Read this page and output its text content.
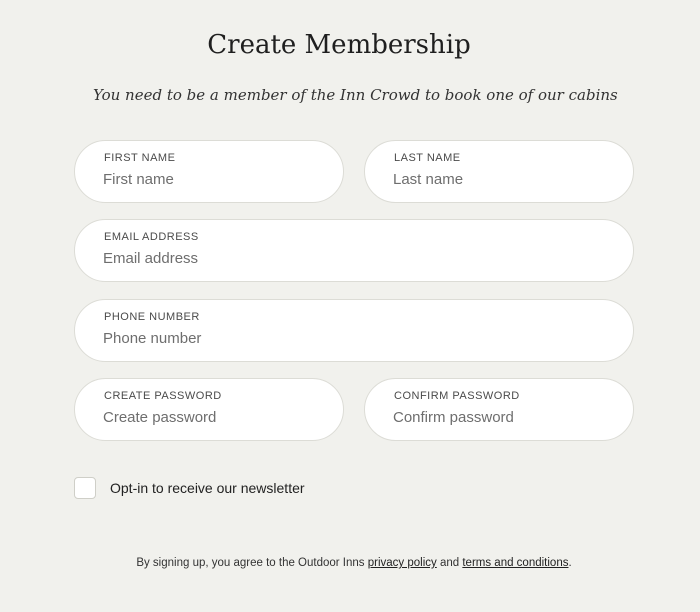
Create Membership

You need to be a member of the Inn Crowd to book one of our cabins

FIRST NAME
First name	LAST NAME
Last name
EMAIL ADDRESS
Email address
PHONE NUMBER
Phone number
CREATE PASSWORD	CONFIRM PASSWORD
Opt-in to receive our newsletter
By signing up, you agree to the Outdoor Inns privacy policy and terms and conditions.
